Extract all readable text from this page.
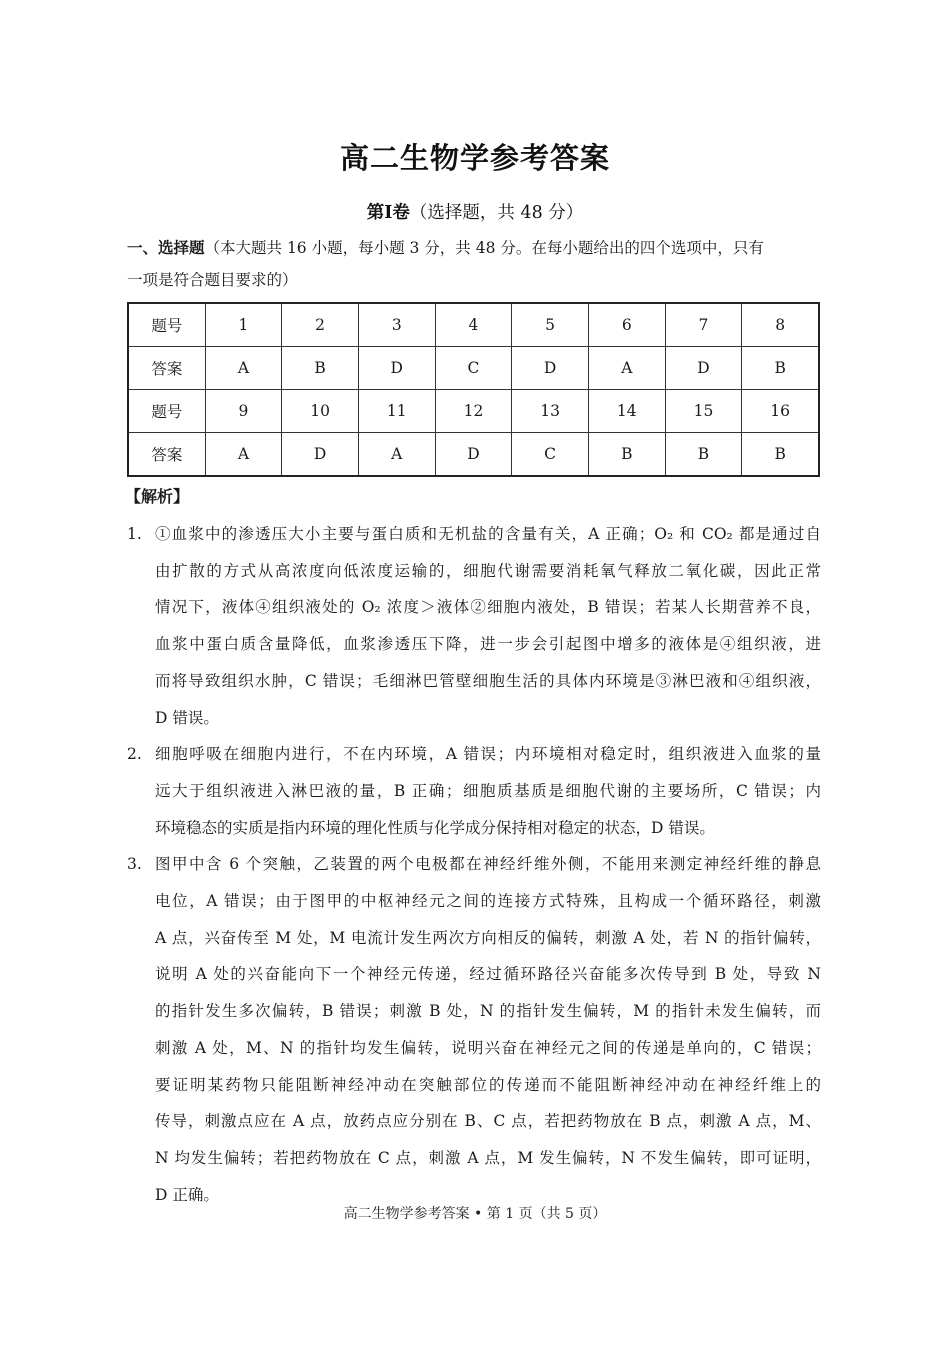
高二生物学参考答案
第Ⅰ卷（选择题，共 48 分）
一、选择题（本大题共 16 小题，每小题 3 分，共 48 分。在每小题给出的四个选项中，只有
一项是符合题目要求的）
题号	1	2	3	4	5	6	7	8
答案	A	B	D	C	D	A	D	B
题号	9	10	11	12	13	14	15	16
答案	A	D	A	D	C	B	B	B
【解析】
1. ①血浆中的渗透压大小主要与蛋白质和无机盐的含量有关，A 正确；O₂ 和 CO₂ 都是通过自
由扩散的方式从高浓度向低浓度运输的，细胞代谢需要消耗氧气释放二氧化碳，因此正常
情况下，液体④组织液处的 O₂ 浓度＞液体②细胞内液处，B 错误；若某人长期营养不良，
血浆中蛋白质含量降低，血浆渗透压下降，进一步会引起图中增多的液体是④组织液，进
而将导致组织水肿，C 错误；毛细淋巴管壁细胞生活的具体内环境是③淋巴液和④组织液，
D 错误。
2. 细胞呼吸在细胞内进行，不在内环境，A 错误；内环境相对稳定时，组织液进入血浆的量
远大于组织液进入淋巴液的量，B 正确；细胞质基质是细胞代谢的主要场所，C 错误；内
环境稳态的实质是指内环境的理化性质与化学成分保持相对稳定的状态，D 错误。
3. 图甲中含 6 个突触，乙装置的两个电极都在神经纤维外侧，不能用来测定神经纤维的静息
电位，A 错误；由于图甲的中枢神经元之间的连接方式特殊，且构成一个循环路径，刺激
A 点，兴奋传至 M 处，M 电流计发生两次方向相反的偏转，刺激 A 处，若 N 的指针偏转，
说明 A 处的兴奋能向下一个神经元传递，经过循环路径兴奋能多次传导到 B 处，导致 N
的指针发生多次偏转，B 错误；刺激 B 处，N 的指针发生偏转，M 的指针未发生偏转，而
刺激 A 处，M、N 的指针均发生偏转，说明兴奋在神经元之间的传递是单向的，C 错误；
要证明某药物只能阻断神经冲动在突触部位的传递而不能阻断神经冲动在神经纤维上的
传导，刺激点应在 A 点，放药点应分别在 B、C 点，若把药物放在 B 点，刺激 A 点，M、
N 均发生偏转；若把药物放在 C 点，刺激 A 点，M 发生偏转，N 不发生偏转，即可证明，
D 正确。
高二生物学参考答案 • 第 1 页（共 5 页）
